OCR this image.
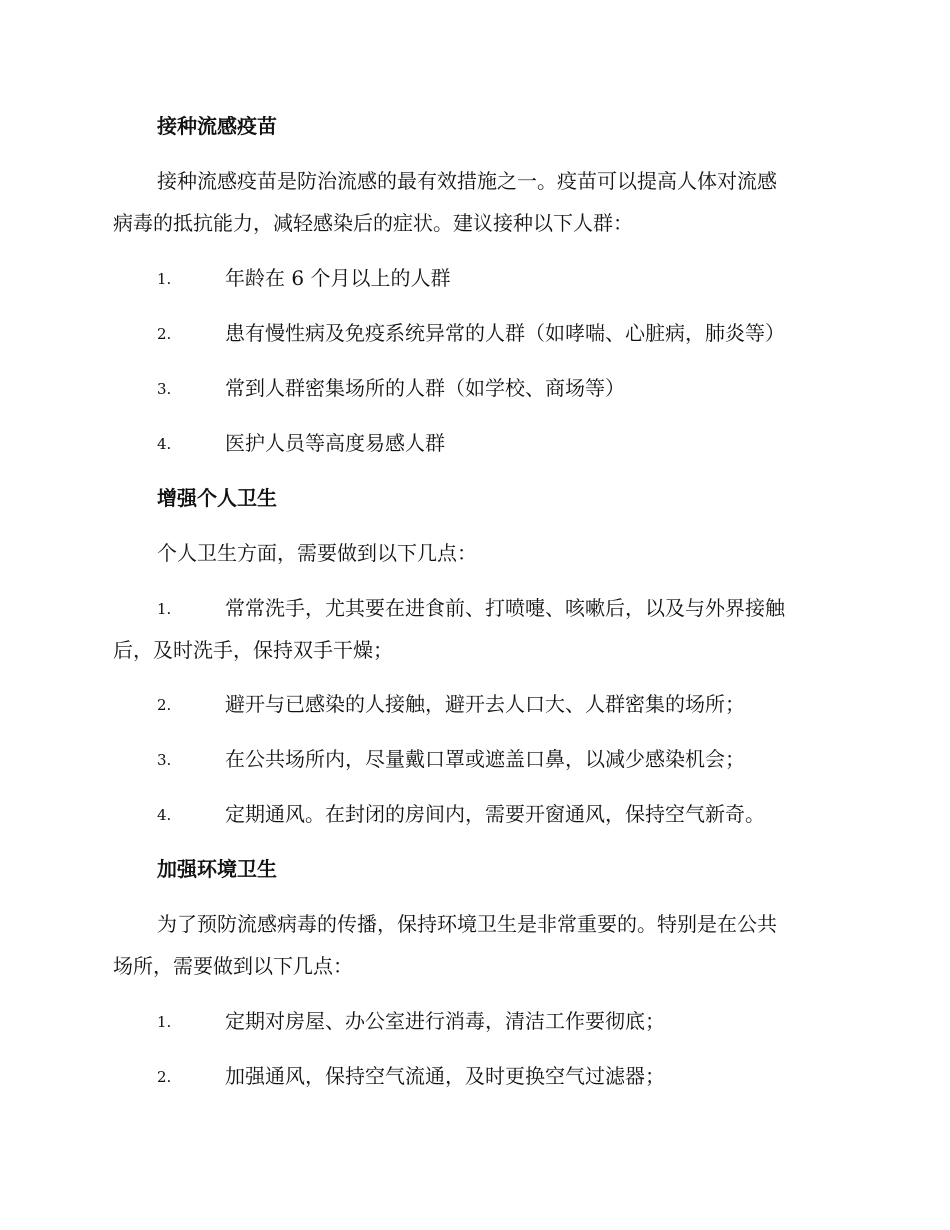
接种流感疫苗
接种流感疫苗是防治流感的最有效措施之一。疫苗可以提高人体对流感
病毒的抵抗能力，减轻感染后的症状。建议接种以下人群：
1.	年龄在 6 个月以上的人群
2.	患有慢性病及免疫系统异常的人群（如哮喘、心脏病，肺炎等）
3.	常到人群密集场所的人群（如学校、商场等）
4.	医护人员等高度易感人群
增强个人卫生
个人卫生方面，需要做到以下几点：
1.	常常洗手，尤其要在进食前、打喷嚏、咳嗽后，以及与外界接触
后，及时洗手，保持双手干燥；
2.	避开与已感染的人接触，避开去人口大、人群密集的场所；
3.	在公共场所内，尽量戴口罩或遮盖口鼻，以减少感染机会；
4.	定期通风。在封闭的房间内，需要开窗通风，保持空气新奇。
加强环境卫生
为了预防流感病毒的传播，保持环境卫生是非常重要的。特别是在公共
场所，需要做到以下几点：
1.	定期对房屋、办公室进行消毒，清洁工作要彻底；
2.	加强通风，保持空气流通，及时更换空气过滤器；
